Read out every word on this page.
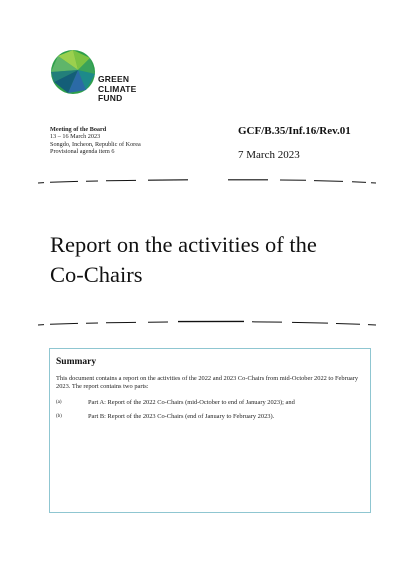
GREEN
CLIMATE
FUND
Meeting of the Board
13 – 16 March 2023
Songdo, Incheon, Republic of Korea
Provisional agenda item 6
GCF/B.35/Inf.16/Rev.01
7 March 2023
Report on the activities of the
Co-Chairs
Summary
This document contains a report on the activities of the 2022 and 2023 Co-Chairs from mid-October 2022 to February 2023. The report contains two parts:
(a)	Part A: Report of the 2022 Co-Chairs (mid-October to end of January 2023); and
(b)	Part B: Report of the 2023 Co-Chairs (end of January to February 2023).
